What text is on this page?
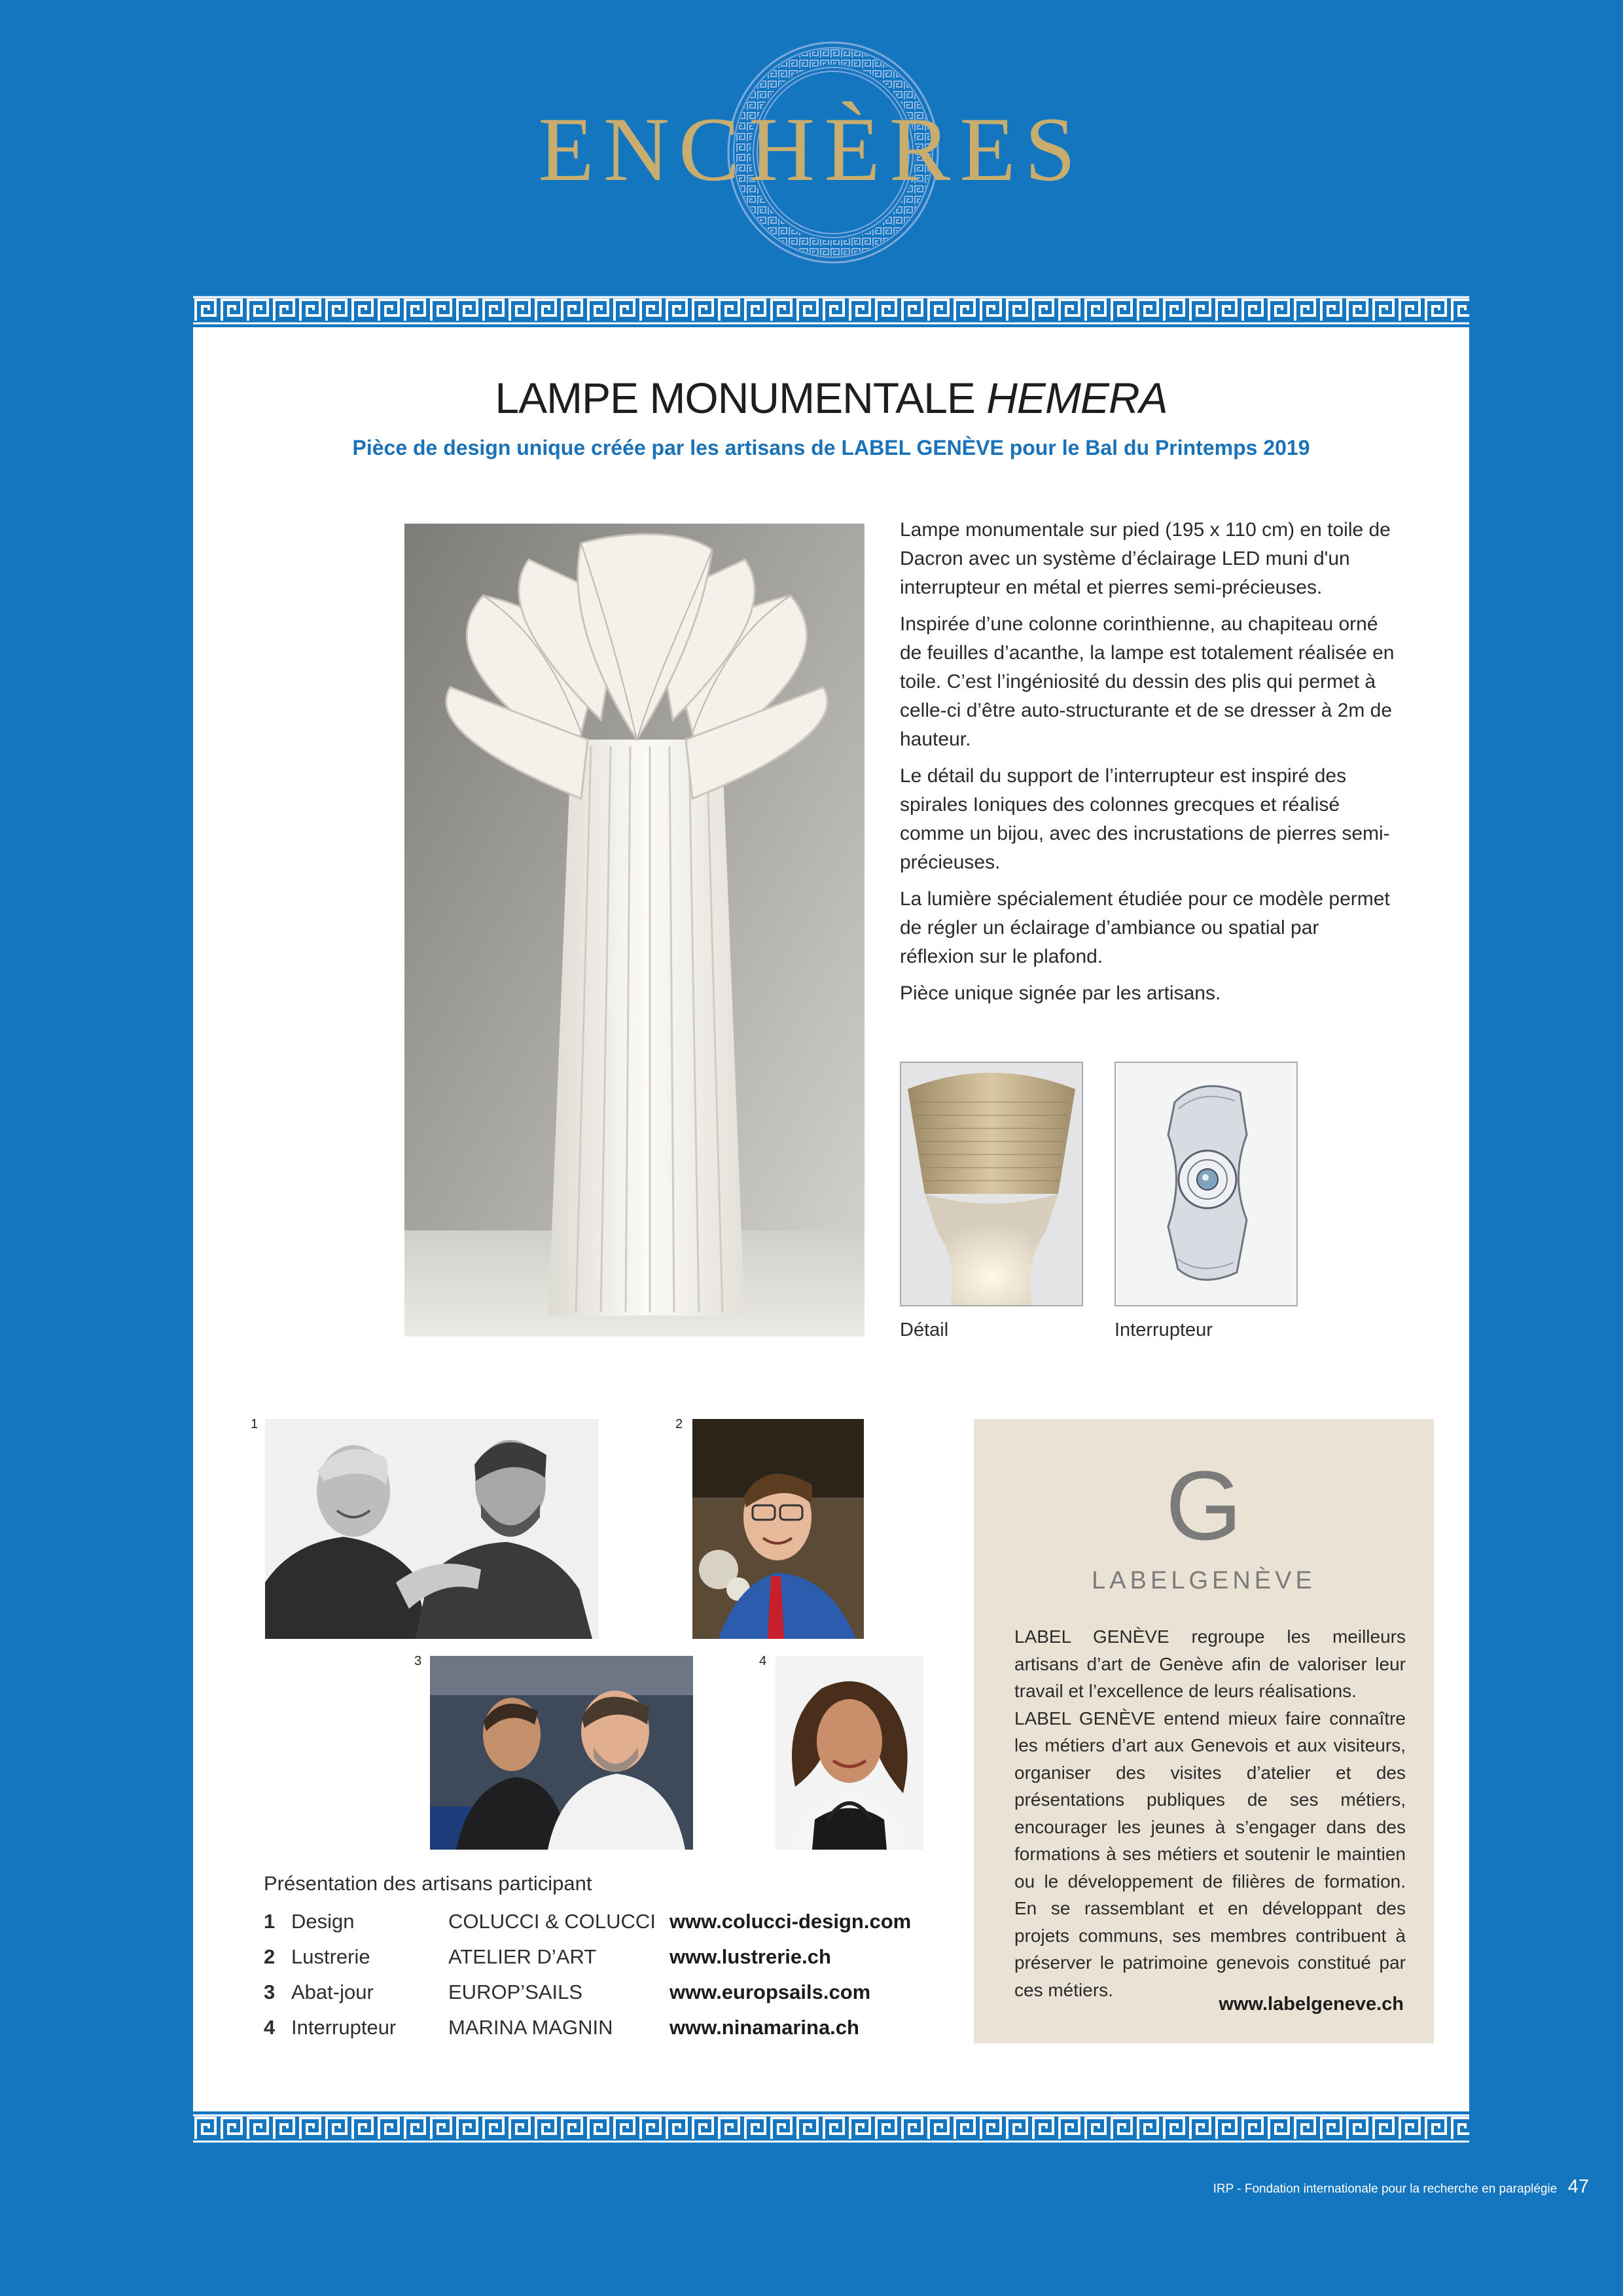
ENCHÈRES
LAMPE MONUMENTALE HEMERA
Pièce de design unique créée par les artisans de LABEL GENÈVE pour le Bal du Printemps 2019

Lampe monumentale sur pied (195 x 110 cm) en toile de Dacron avec un système d’éclairage LED muni d'un interrupteur en métal et pierres semi-précieuses.

Inspirée d’une colonne corinthienne, au chapiteau orné de feuilles d’acanthe, la lampe est totalement réalisée en toile. C’est l’ingéniosité du dessin des plis qui permet à celle-ci d’être auto-structurante et de se dresser à 2m de hauteur.

Le détail du support de l’interrupteur est inspiré des spirales Ioniques des colonnes grecques et réalisé comme un bijou, avec des incrustations de pierres semi-précieuses.

La lumière spécialement étudiée pour ce modèle permet de régler un éclairage d’ambiance ou spatial par réflexion sur le plafond.

Pièce unique signée par les artisans.

Détail	Interrupteur
1	2
3	4
Présentation des artisans participant
1 Design	COLUCCI & COLUCCI www.colucci-design.com
2 Lustrerie	ATELIER D’ART	www.lustrerie.ch
3 Abat-jour	EUROP’SAILS	www.europsails.com
4 Interrupteur	MARINA MAGNIN	www.ninamarina.ch
G
LABELGENÈVE

LABEL GENÈVE regroupe les meilleurs artisans d’art de Genève afin de valoriser leur travail et l’excellence de leurs réalisations.

LABEL GENÈVE entend mieux faire connaître les métiers d’art aux Genevois et aux visiteurs, organiser des visites d’atelier et des présentations publiques de ses métiers, encourager les jeunes à s’engager dans des formations à ses métiers et soutenir le maintien ou le développement de filières de formation. En se rassemblant et en développant des projets communs, ses membres contribuent à préserver le patrimoine genevois constitué par ces métiers.

www.labelgeneve.ch
IRP - Fondation internationale pour la recherche en paraplégie 47
